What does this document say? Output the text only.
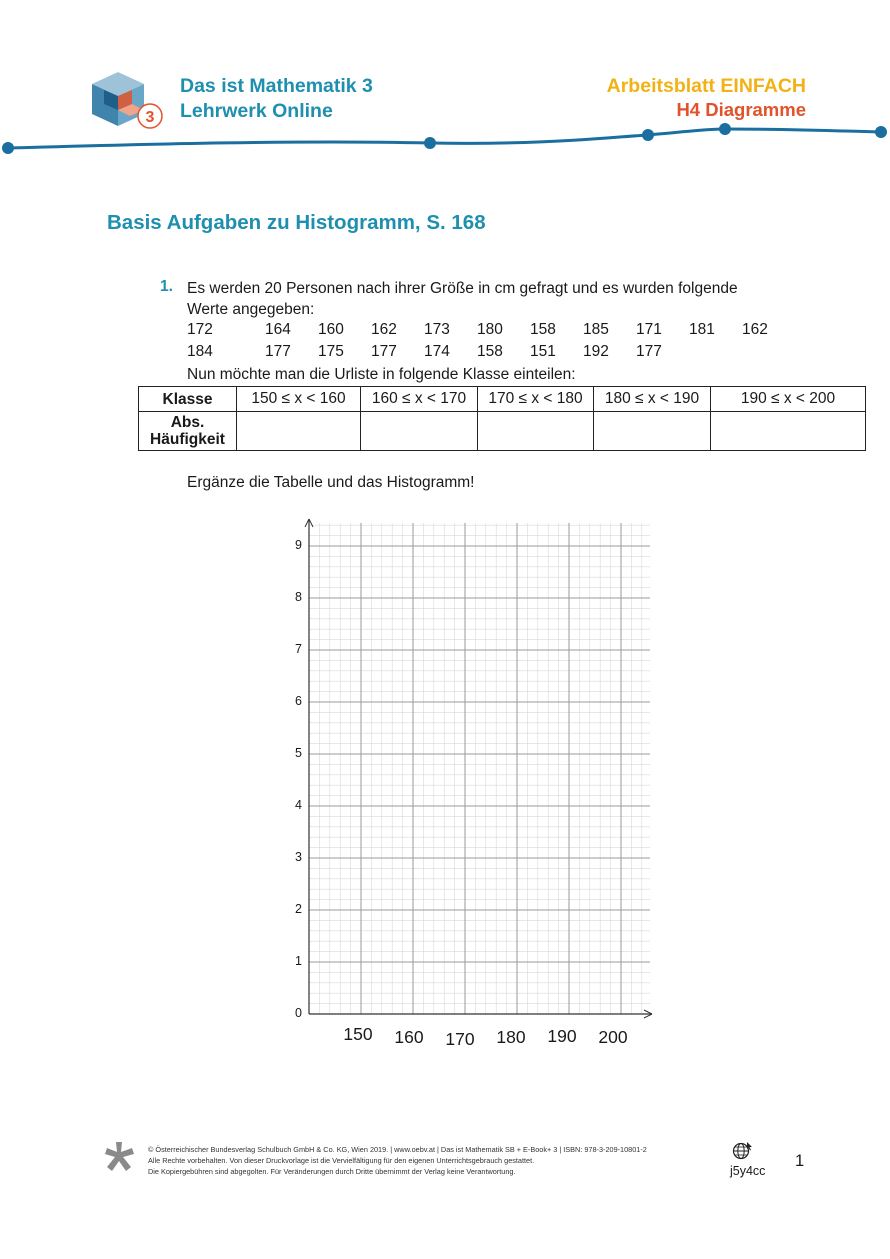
3
Das ist Mathematik 3
Lehrwerk Online
Arbeitsblatt EINFACH
H4 Diagramme
Basis Aufgaben zu Histogramm, S. 168
1. Es werden 20 Personen nach ihrer Größe in cm gefragt und es wurden folgende
Werte angegeben:
172	164 160 162 173 180 158 185 171 181 162
184	177 175 177 174 158 151 192 177
Nun möchte man die Urliste in folgende Klasse einteilen:
Klasse	150 ≤ x < 160	160 ≤ x < 170	170 ≤ x < 180	180 ≤ x < 190	190 ≤ x < 200

Abs.
Häufigkeit					

Ergänze die Tabelle und das Histogramm!
0
1
2
3
4
5
6
7
8
9
150	160	170	180	190	200
© Österreichischer Bundesverlag Schulbuch GmbH & Co. KG, Wien 2019. | www.oebv.at | Das ist Mathematik SB + E-Book+ 3 | ISBN: 978-3-209-10801-2
Alle Rechte vorbehalten. Von dieser Druckvorlage ist die Vervielfältigung für den eigenen Unterrichtsgebrauch gestattet.
Die Kopiergebühren sind abgegolten. Für Veränderungen durch Dritte übernimmt der Verlag keine Verantwortung.	j5y4cc
1
